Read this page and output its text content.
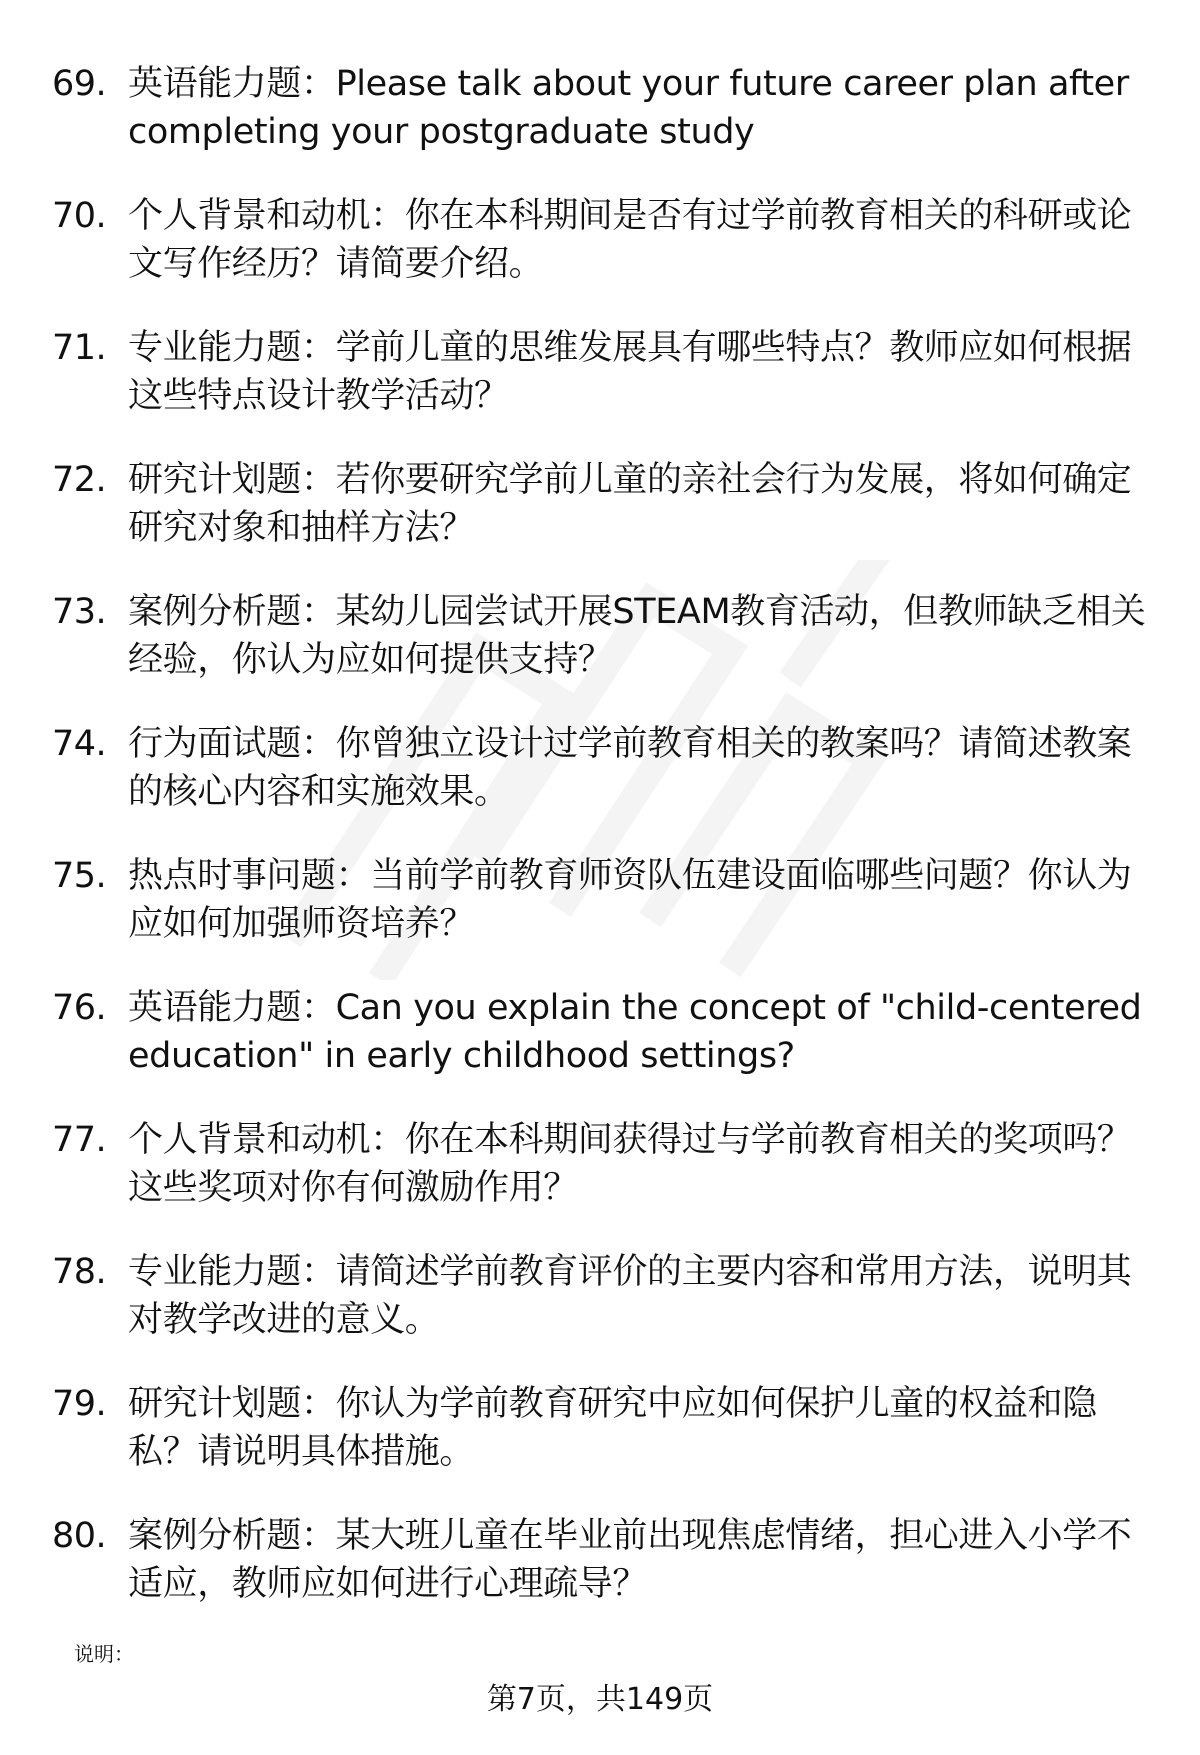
69. 英语能力题：Please talk about your future career plan after completing your postgraduate study
70. 个人背景和动机：你在本科期间是否有过学前教育相关的科研或论文写作经历？请简要介绍。
71. 专业能力题：学前儿童的思维发展具有哪些特点？教师应如何根据这些特点设计教学活动？
72. 研究计划题：若你要研究学前儿童的亲社会行为发展，将如何确定研究对象和抽样方法？
73. 案例分析题：某幼儿园尝试开展STEAM教育活动，但教师缺乏相关经验，你认为应如何提供支持？
74. 行为面试题：你曾独立设计过学前教育相关的教案吗？请简述教案的核心内容和实施效果。
75. 热点时事问题：当前学前教育师资队伍建设面临哪些问题？你认为应如何加强师资培养？
76. 英语能力题：Can you explain the concept of "child-centered education" in early childhood settings?
77. 个人背景和动机：你在本科期间获得过与学前教育相关的奖项吗？这些奖项对你有何激励作用？
78. 专业能力题：请简述学前教育评价的主要内容和常用方法，说明其对教学改进的意义。
79. 研究计划题：你认为学前教育研究中应如何保护儿童的权益和隐私？请说明具体措施。
80. 案例分析题：某大班儿童在毕业前出现焦虑情绪，担心进入小学不适应，教师应如何进行心理疏导？
说明：
第7页，共149页
